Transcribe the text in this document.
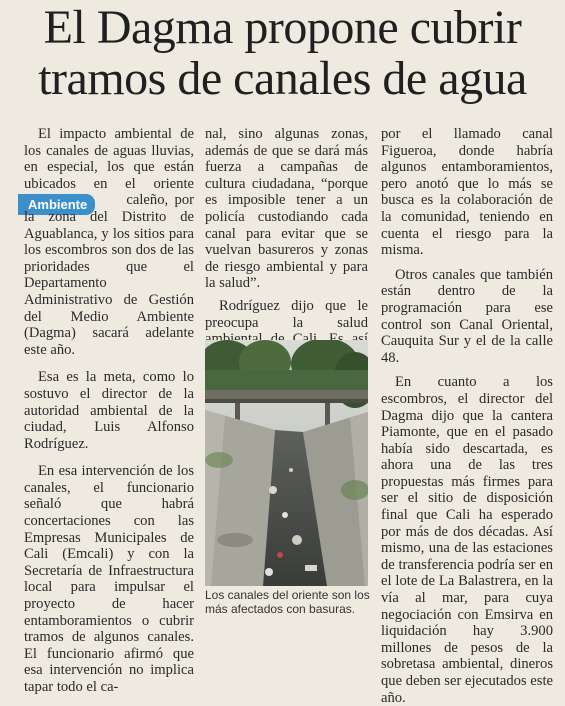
El Dagma propone cubrir
tramos de canales de agua
Ambiente

El impacto ambiental de los canales de aguas lluvias, en especial, los que están ubicados en el oriente  caleño, por la zona del Distrito de Aguablanca, y los sitios para los escombros son dos de las prioridades que el Departamento Administrativo de Gestión del Medio Ambiente (Dagma) sacará adelante este año.

Esa es la meta, como lo sostuvo el director de la autoridad ambiental de la ciudad, Luis Alfonso Rodríguez.

En esa intervención de los canales, el funcionario señaló que habrá concertaciones con las Empresas Municipales de Cali (Emcali) y con la Secretaría de Infraestructura local para impulsar el proyecto de hacer entamboramientos o cubrir tramos de algunos canales. El funcionario afirmó que esa intervención no implica tapar todo el ca-

nal, sino algunas zonas, además de que se dará más fuerza a campañas de cultura ciudadana, “porque es imposible tener a un policía custodiando cada canal para evitar que se vuelvan basureros y zonas de riesgo ambiental y para la salud”.

Rodríguez dijo que le preocupa la salud

Los canales del oriente son los más afectados con basuras.

por el llamado canal Figueroa, donde habría algunos entamboramientos, pero anotó que lo más se busca es la colaboración de la comunidad, teniendo en cuenta el riesgo para la misma.

Otros canales que también están dentro de la programación para ese control son Canal Oriental, Cauquita Sur y el de la calle 48.

En cuanto a los escombros, el director del Dagma dijo que la cantera Piamonte, que en el pasado había sido descartada, es ahora una de las tres propuestas más firmes para ser el sitio de disposición final que Cali ha esperado por más de dos décadas. Así mismo, una de las estaciones de transferencia podría ser en el lote de La Balastrera, en la vía al mar, para cuya negociación con Emsirva en liquidación hay 3.900 millones de pesos de la sobretasa ambiental, dineros que deben ser ejecutados este año.
